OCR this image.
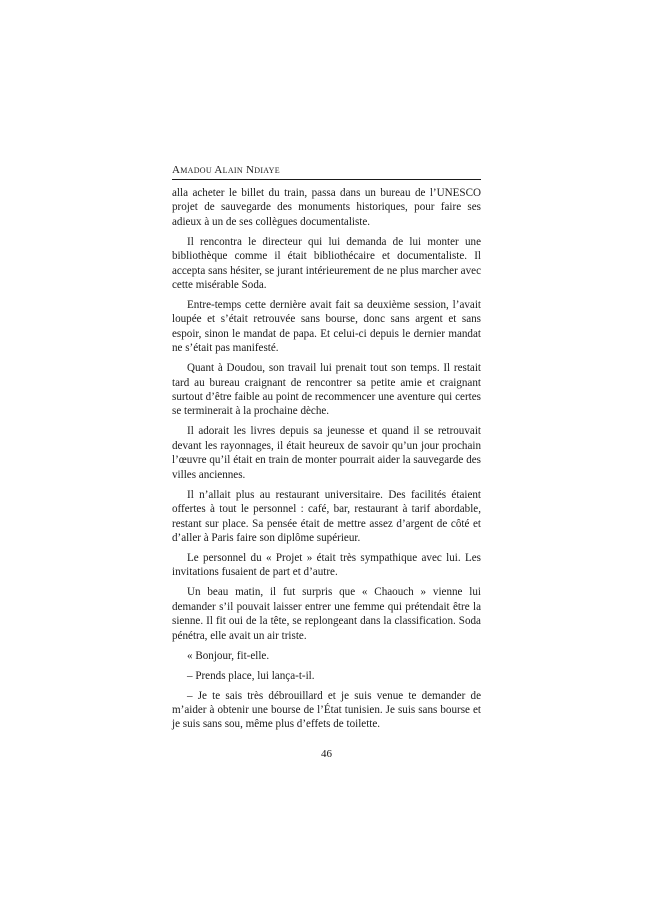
Amadou Alain Ndiaye

alla acheter le billet du train, passa dans un bureau de l’UNESCO projet de sauvegarde des monuments historiques, pour faire ses adieux à un de ses collègues documentaliste.

Il rencontra le directeur qui lui demanda de lui monter une bibliothèque comme il était bibliothécaire et documentaliste. Il accepta sans hésiter, se jurant intérieurement de ne plus marcher avec cette misérable Soda.

Entre-temps cette dernière avait fait sa deuxième session, l’avait loupée et s’était retrouvée sans bourse, donc sans argent et sans espoir, sinon le mandat de papa. Et celui-ci depuis le dernier mandat ne s’était pas manifesté.

Quant à Doudou, son travail lui prenait tout son temps. Il restait tard au bureau craignant de rencontrer sa petite amie et craignant surtout d’être faible au point de recommencer une aventure qui certes se terminerait à la prochaine dèche.

Il adorait les livres depuis sa jeunesse et quand il se retrouvait devant les rayonnages, il était heureux de savoir qu’un jour prochain l’œuvre qu’il était en train de monter pourrait aider la sauvegarde des villes anciennes.

Il n’allait plus au restaurant universitaire. Des facilités étaient offertes à tout le personnel : café, bar, restaurant à tarif abordable, restant sur place. Sa pensée était de mettre assez d’argent de côté et d’aller à Paris faire son diplôme supérieur.

Le personnel du « Projet » était très sympathique avec lui. Les invitations fusaient de part et d’autre.

Un beau matin, il fut surpris que « Chaouch » vienne lui demander s’il pouvait laisser entrer une femme qui prétendait être la sienne. Il fit oui de la tête, se replongeant dans la classification. Soda pénétra, elle avait un air triste.

« Bonjour, fit-elle.

– Prends place, lui lança-t-il.

– Je te sais très débrouillard et je suis venue te demander de m’aider à obtenir une bourse de l’État tunisien. Je suis sans bourse et je suis sans sou, même plus d’effets de toilette.

46
